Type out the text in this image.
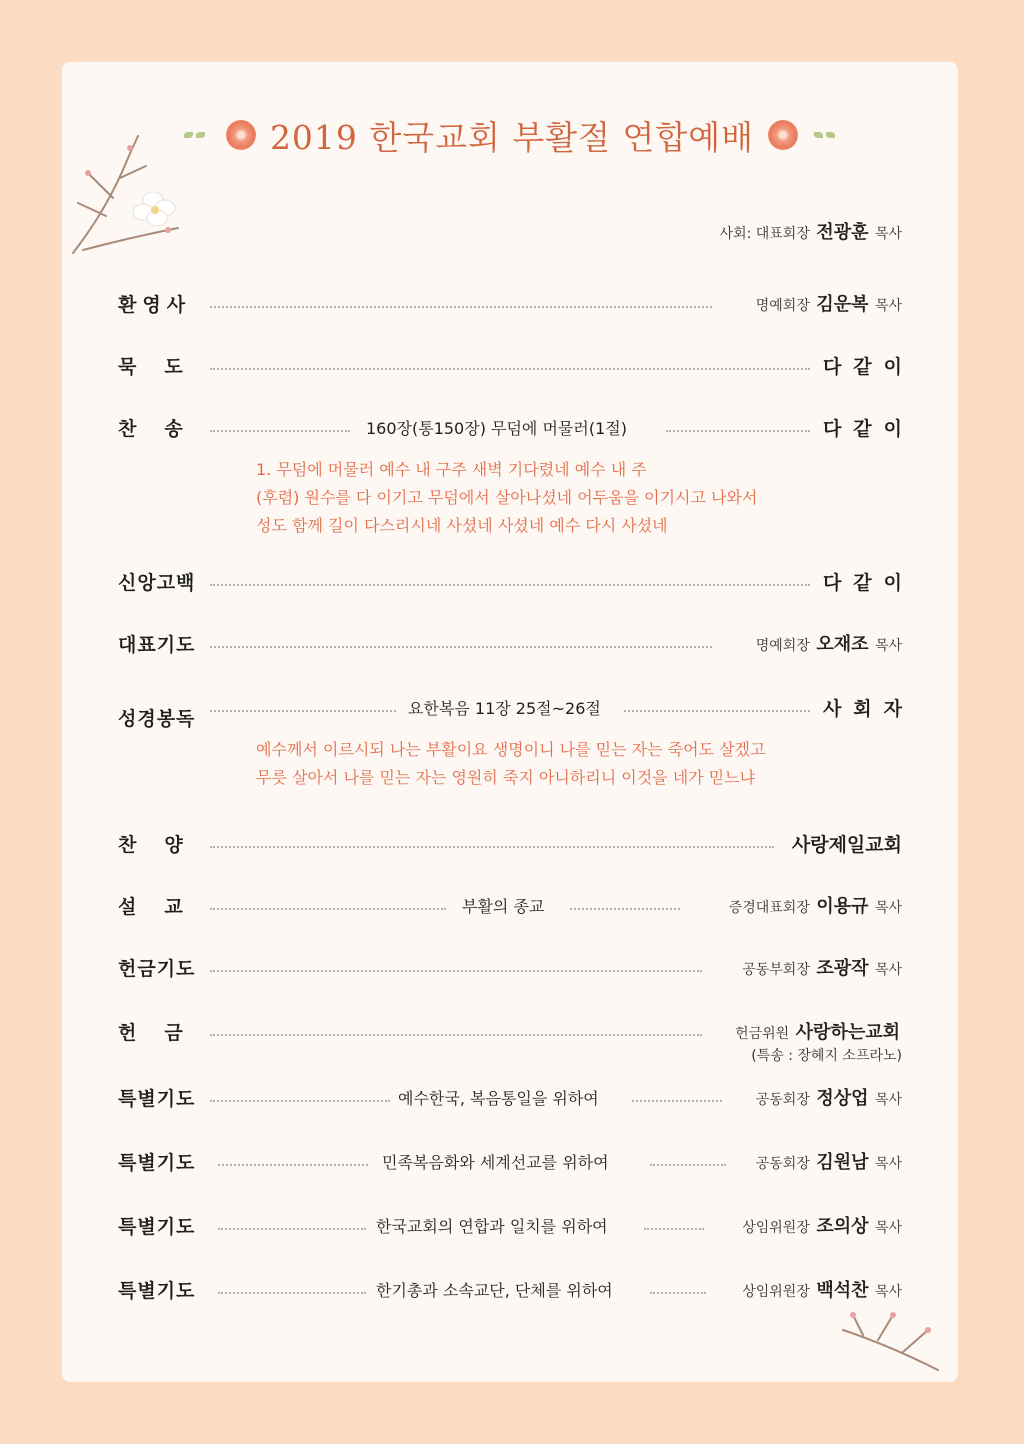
2019 한국교회 부활절 연합예배
사회: 대표회장 전광훈 목사
환영사	명예회장 김운복 목사
묵도	다같이
찬송	160장(통150장) 무덤에 머물러(1절)	다같이
1. 무덤에 머물러 예수 내 구주 새벽 기다렸네 예수 내 주
(후렴) 원수를 다 이기고 무덤에서 살아나셨네 어두움을 이기시고 나와서
성도 함께 길이 다스리시네 사셨네 사셨네 예수 다시 사셨네
신앙고백	다같이
대표기도	명예회장 오재조 목사
성경봉독	요한복음 11장 25절~26절	사회자
예수께서 이르시되 나는 부활이요 생명이니 나를 믿는 자는 죽어도 살겠고
무릇 살아서 나를 믿는 자는 영원히 죽지 아니하리니 이것을 네가 믿느냐
찬양	사랑제일교회
설교	부활의 종교	증경대표회장 이용규 목사
헌금기도	공동부회장 조광작 목사
헌금	헌금위원 사랑하는교회
(특송 : 장혜지 소프라노)
특별기도	예수한국, 복음통일을 위하여	공동회장 정상업 목사
특별기도	민족복음화와 세계선교를 위하여	공동회장 김원남 목사
특별기도	한국교회의 연합과 일치를 위하여	상임위원장 조의상 목사
특별기도	한기총과 소속교단, 단체를 위하여	상임위원장 백석찬 목사
